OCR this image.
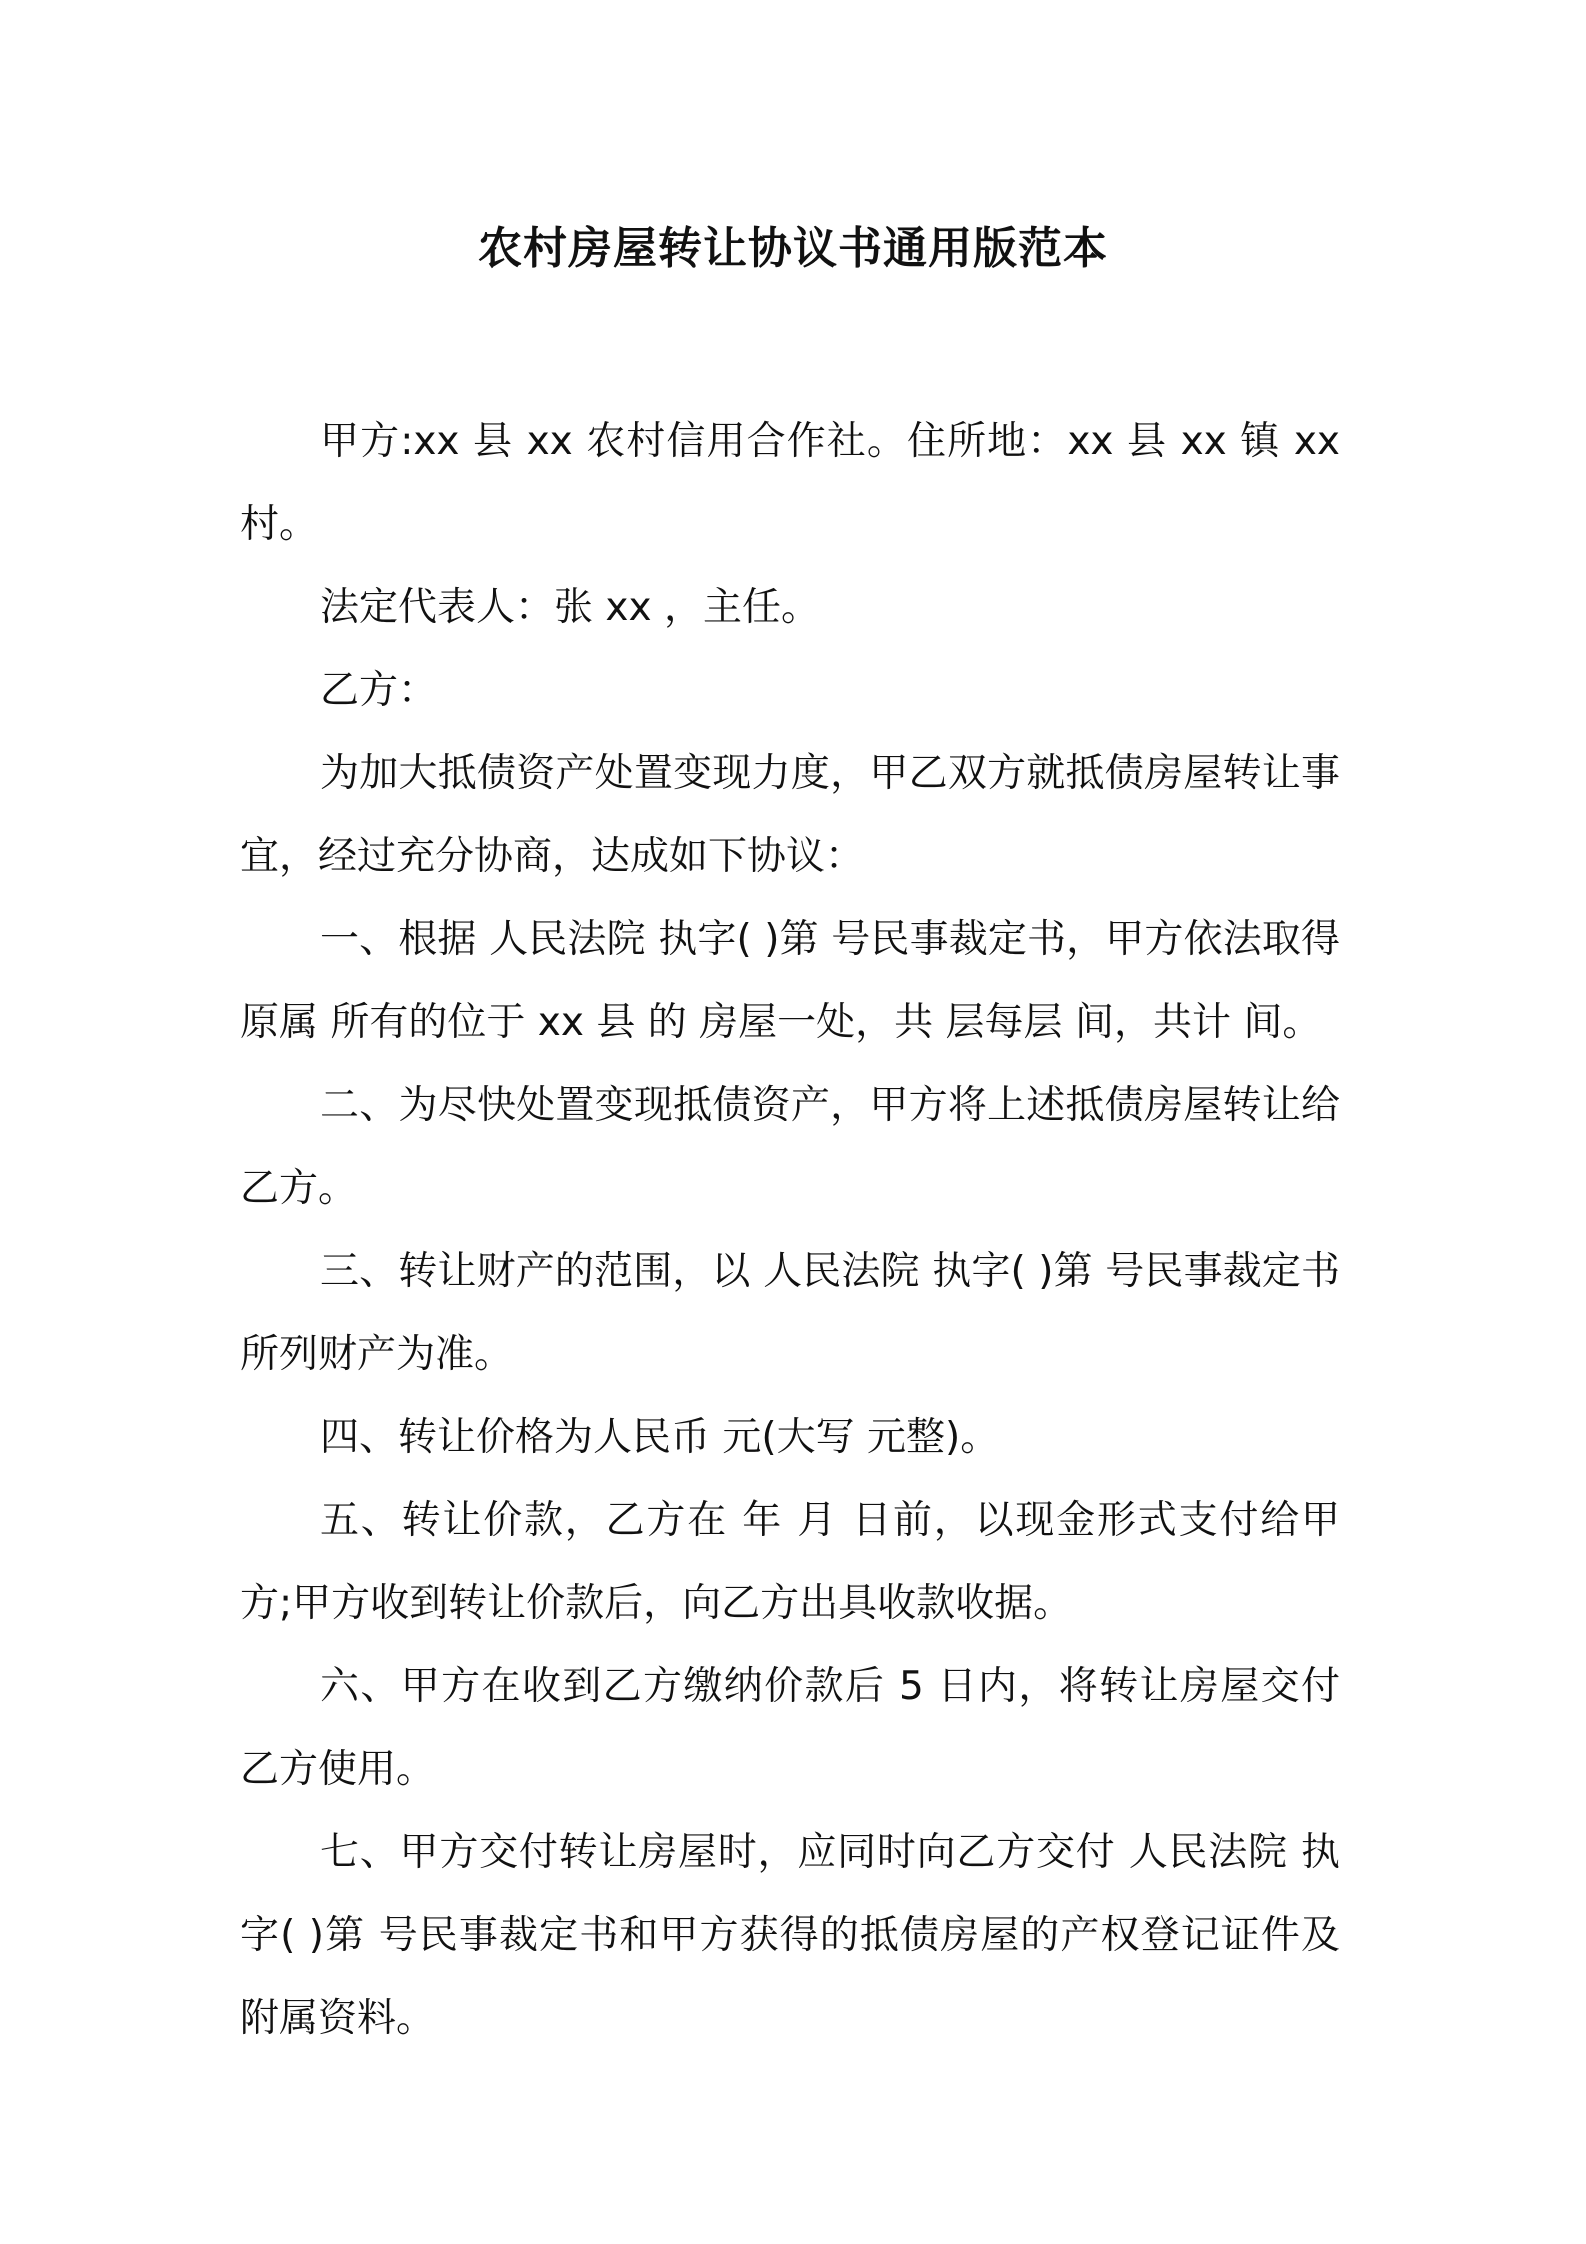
农村房屋转让协议书通用版范本

甲方:xx 县 xx 农村信用合作社。住所地：xx 县 xx 镇 xx 村。

法定代表人：张 xx ，主任。

乙方：

为加大抵债资产处置变现力度，甲乙双方就抵债房屋转让事宜，经过充分协商，达成如下协议：

一、根据 人民法院 执字( )第 号民事裁定书，甲方依法取得原属 所有的位于 xx 县 的 房屋一处，共 层每层 间，共计 间。

二、为尽快处置变现抵债资产，甲方将上述抵债房屋转让给乙方。

三、转让财产的范围，以 人民法院 执字( )第 号民事裁定书所列财产为准。

四、转让价格为人民币 元(大写 元整)。

五、转让价款，乙方在 年 月 日前，以现金形式支付给甲方;甲方收到转让价款后，向乙方出具收款收据。

六、甲方在收到乙方缴纳价款后 5 日内，将转让房屋交付乙方使用。

七、甲方交付转让房屋时，应同时向乙方交付 人民法院 执字( )第 号民事裁定书和甲方获得的抵债房屋的产权登记证件及附属资料。
